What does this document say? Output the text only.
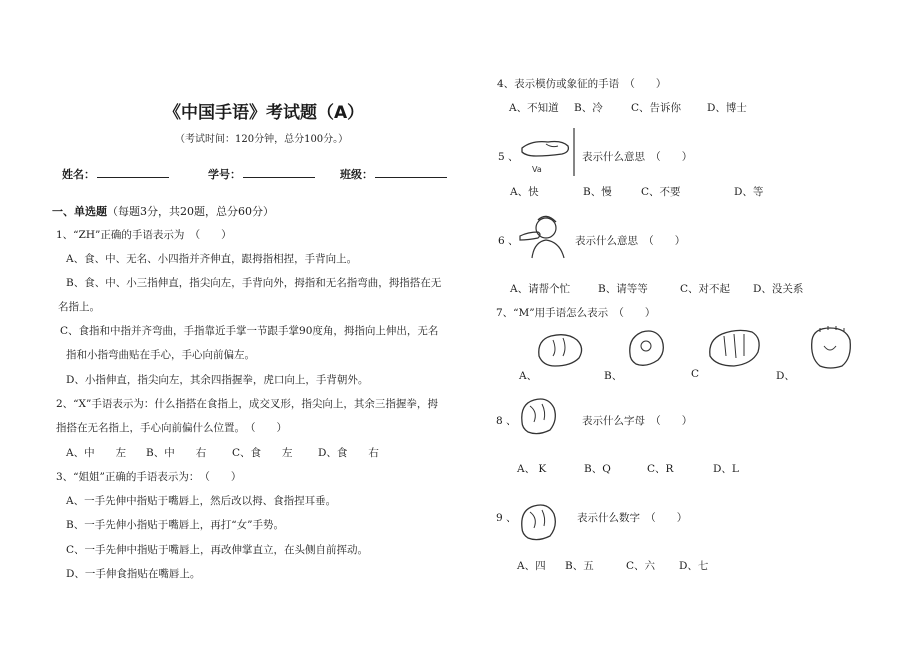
《中国手语》考试题（A）
（考试时间：120分钟，总分100分。）
姓名：	学号：	班级：
一、单选题（每题3分，共20题，总分60分）
1、“ZH”正确的手语表示为　（　　）
A、食、中、无名、小四指并齐伸直，跟拇指相捏，手背向上。
B、食、中、小三指伸直，指尖向左，手背向外，拇指和无名指弯曲，拇指搭在无
名指上。
C、食指和中指并齐弯曲，手指靠近手掌一节跟手掌90度角，拇指向上伸出，无名
指和小指弯曲贴在手心，手心向前偏左。
D、小指伸直，指尖向左，其余四指握拳，虎口向上，手背朝外。
2、“X”手语表示为：什么指搭在食指上，成交叉形，指尖向上，其余三指握拳，拇
指搭在无名指上，手心向前偏什么位置。　（　　）
A、中　　左 B、中　　右 C、食　　左 D、食　　右
3、“姐姐”正确的手语表示为：　（　　）
A、一手先伸中指贴于嘴唇上，然后改以拇、食指捏耳垂。
B、一手先伸小指贴于嘴唇上，再打“女”手势。
C、一手先伸中指贴于嘴唇上，再改伸掌直立，在头侧自前挥动。
D、一手伸食指贴在嘴唇上。
4、表示模仿或象征的手语　（　　）
A、不知道 B、冷	C、告诉你 D、博士
5 、
Va
表示什么意思　（　　）
A、快	B、慢	C、不要	D、等
6 、	表示什么意思　（　　）
A、请帮个忙	B、请等等	C、对不起 D、没关系
7、“M”用手语怎么表示　（　　）
A、	B、	C	D、
8 、	表示什么字母　（　　）
A、 K	B、Q	C、R	D、L
9 、	表示什么数字　（　　）
A、四 B、五	C、六 D、七
